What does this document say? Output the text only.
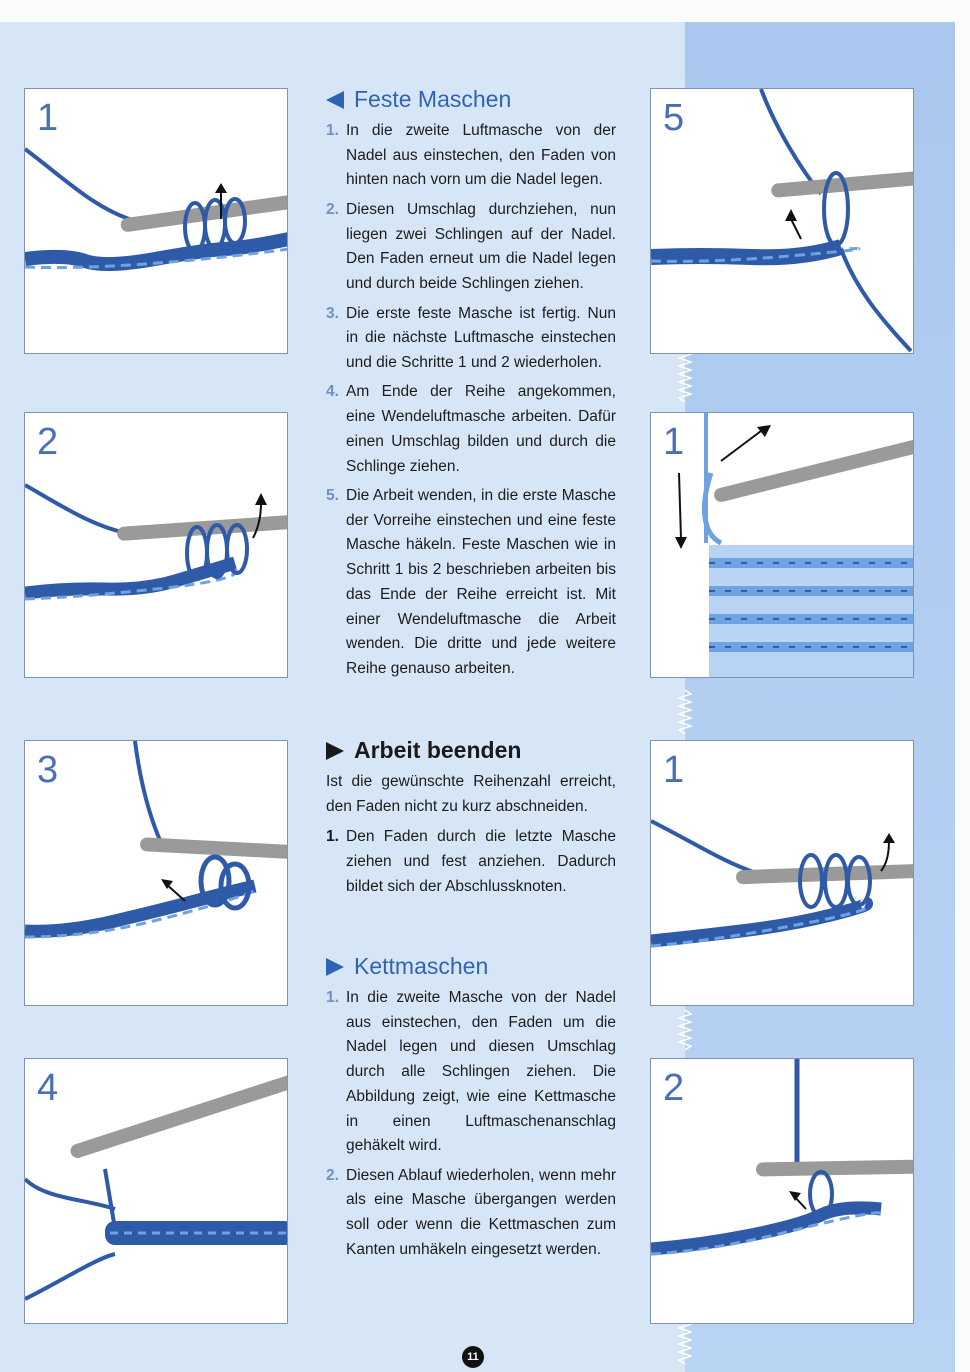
1
2
3
4
5
1
1
2
Feste Maschen
1. In die zweite Luftmasche von der Nadel aus einstechen, den Faden von hinten nach vorn um die Nadel legen.
2. Diesen Umschlag durchziehen, nun liegen zwei Schlingen auf der Nadel. Den Faden erneut um die Nadel legen und durch beide Schlingen ziehen.
3. Die erste feste Masche ist fertig. Nun in die nächste Luftmasche einstechen und die Schritte 1 und 2 wiederholen.
4. Am Ende der Reihe angekommen, eine Wendeluftmasche arbeiten. Dafür einen Umschlag bilden und durch die Schlinge ziehen.
5. Die Arbeit wenden, in die erste Masche der Vorreihe einstechen und eine feste Masche häkeln. Feste Maschen wie in Schritt 1 bis 2 beschrieben arbeiten bis das Ende der Reihe erreicht ist. Mit einer Wendeluftmasche die Arbeit wenden. Die dritte und jede weitere Reihe genauso arbeiten.
Arbeit beenden

Ist die gewünschte Reihenzahl erreicht, den Faden nicht zu kurz abschneiden.

1. Den Faden durch die letzte Masche ziehen und fest anziehen. Dadurch bildet sich der Abschlussknoten.
Kettmaschen
1. In die zweite Masche von der Nadel aus einstechen, den Faden um die Nadel legen und diesen Umschlag durch alle Schlingen ziehen. Die Abbildung zeigt, wie eine Kettmasche in einen Luftmaschenanschlag gehäkelt wird.
2. Diesen Ablauf wiederholen, wenn mehr als eine Masche übergangen werden soll oder wenn die Kettmaschen zum Kanten umhäkeln eingesetzt werden.
11
